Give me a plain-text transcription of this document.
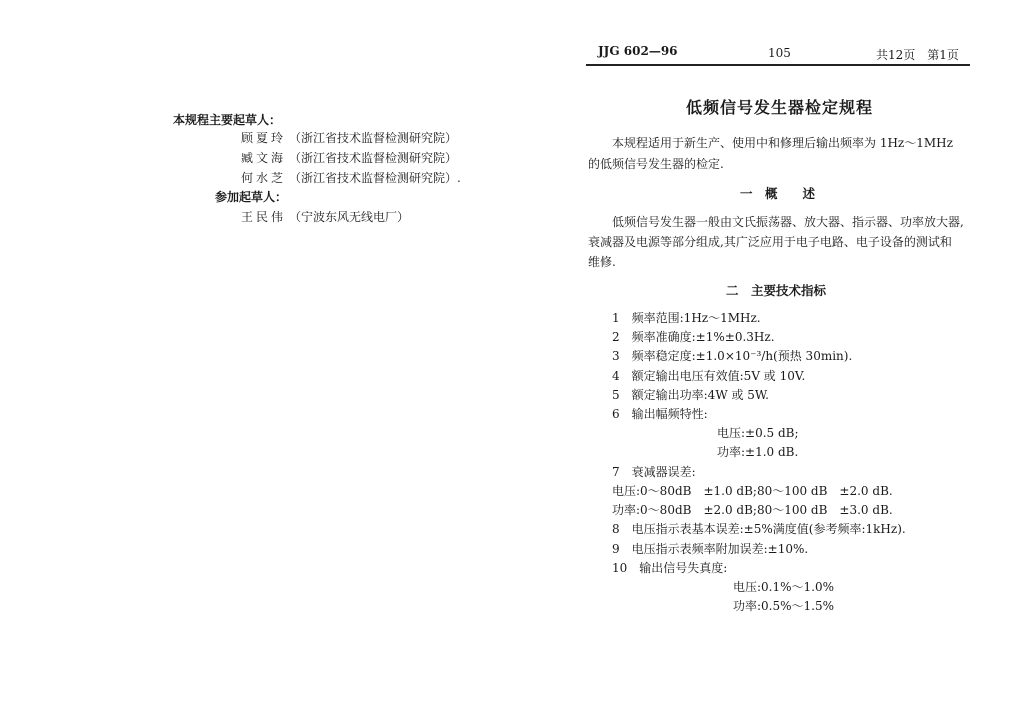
本规程主要起草人：
顾夏玲 （浙江省技术监督检测研究院）
臧文海 （浙江省技术监督检测研究院）
何水芝 （浙江省技术监督检测研究院）.
参加起草人：
王民伟 （宁波东风无线电厂）
JJG 602—96	105	共12页　第1页
低频信号发生器检定规程
本规程适用于新生产、使用中和修理后输出频率为 1Hz～1MHz
的低频信号发生器的检定.
一　概　　述
低频信号发生器一般由文氏振荡器、放大器、指示器、功率放大器,
衰减器及电源等部分组成,其广泛应用于电子电路、电子设备的测试和
维修.
二　主要技术指标
1　频率范围:1Hz～1MHz.
2　频率准确度:±1%±0.3Hz.
3　频率稳定度:±1.0×10⁻³/h(预热 30min).
4　额定输出电压有效值:5V 或 10V.
5　额定输出功率:4W 或 5W.
6　输出幅频特性:
电压:±0.5 dB;
功率:±1.0 dB.
7　衰减器误差:
电压:0～80dB　±1.0 dB;80～100 dB　±2.0 dB.
功率:0～80dB　±2.0 dB;80～100 dB　±3.0 dB.
8　电压指示表基本误差:±5%满度值(参考频率:1kHz).
9　电压指示表频率附加误差:±10%.
10　输出信号失真度:
电压:0.1%～1.0%
功率:0.5%～1.5%
